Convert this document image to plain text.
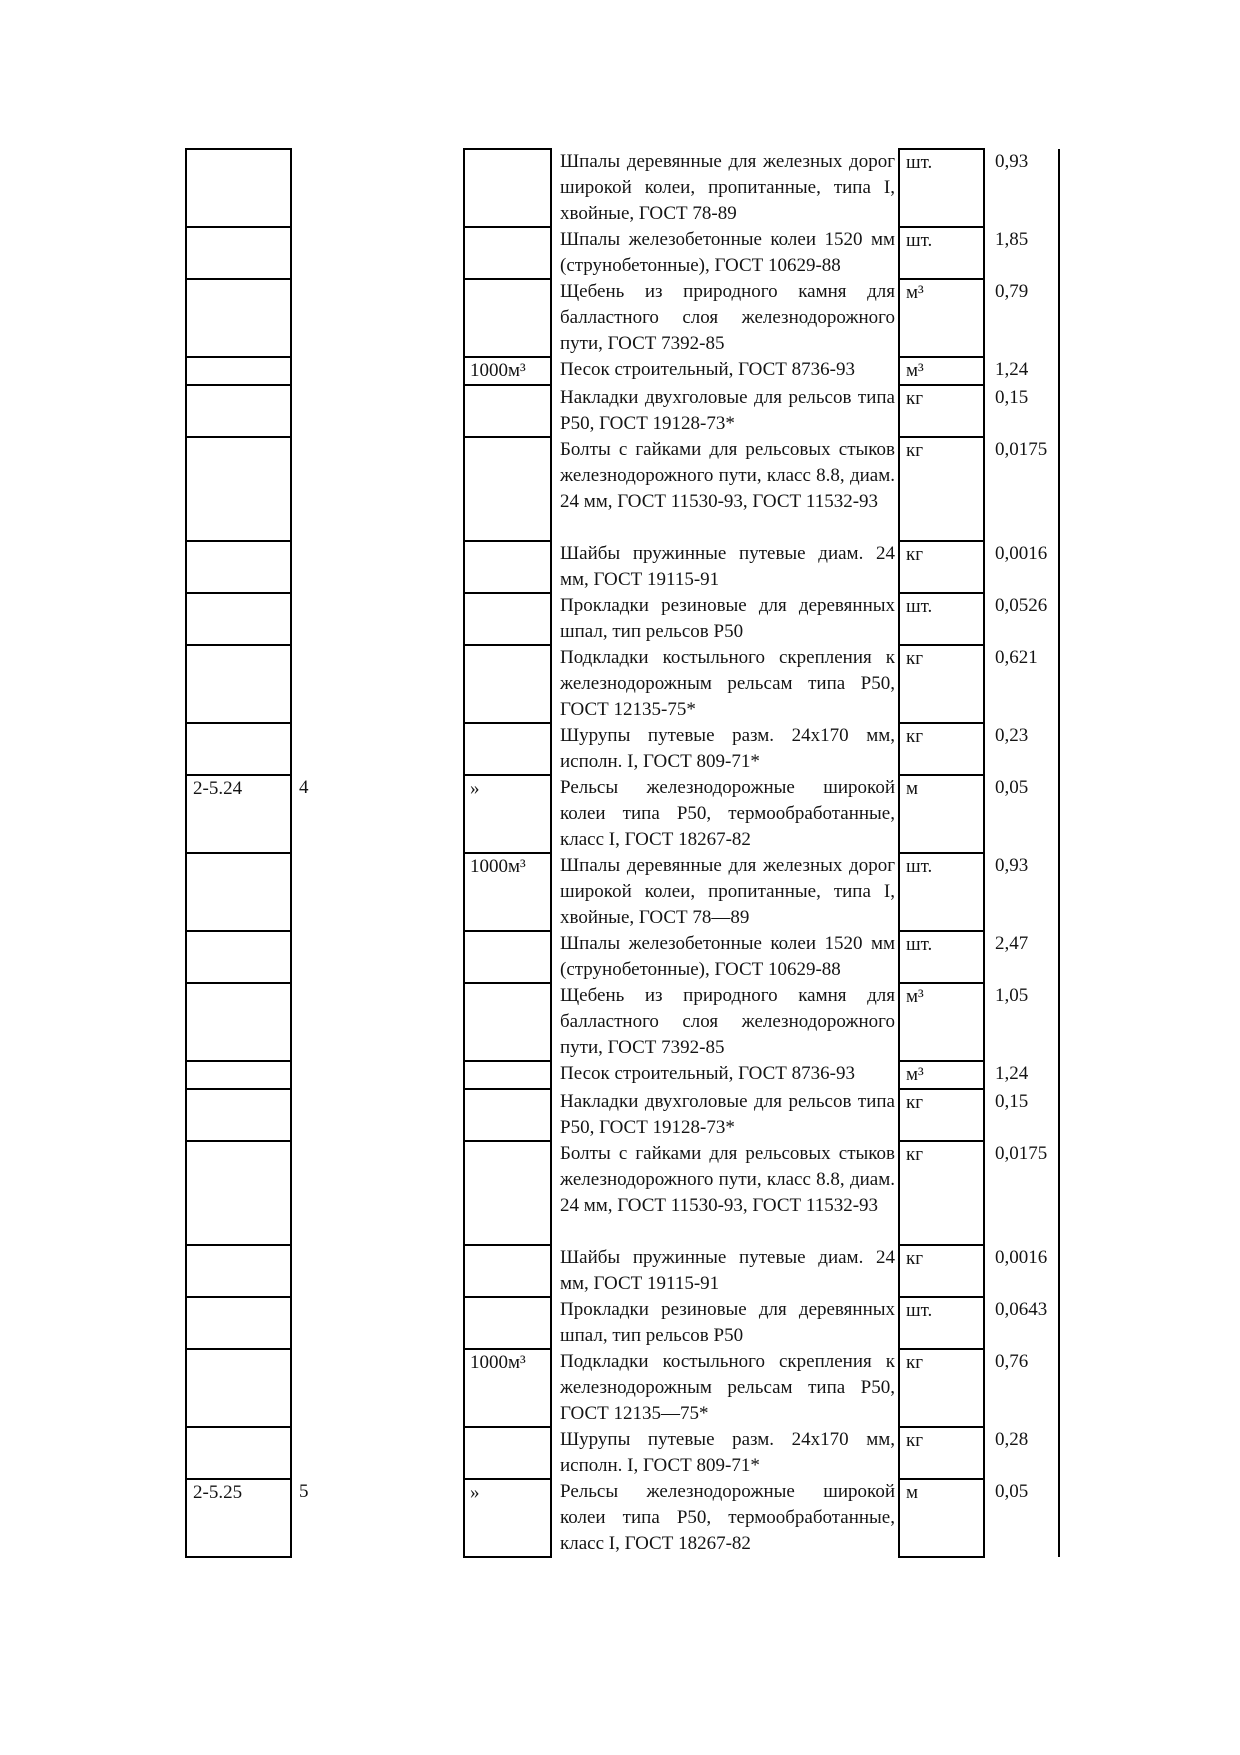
			Шпалы деревянные для железных дорог широкой колеи, пропитанные, типа I, хвойные, ГОСТ 78-89	шт.	0,93
			Шпалы железобетонные колеи 1520 мм (струнобетонные), ГОСТ 10629-88	шт.	1,85
			Щебень из природного камня для балластного слоя железнодорожного пути, ГОСТ 7392-85	м³	0,79
		1000м³	Песок строительный, ГОСТ 8736-93	м³	1,24
			Накладки двухголовые для рельсов типа Р50, ГОСТ 19128-73*	кг	0,15
			Болты с гайками для рельсовых стыков железнодорожного пути, класс 8.8, диам. 24 мм, ГОСТ 11530-93, ГОСТ 11532-93	кг	0,0175
			Шайбы пружинные путевые диам. 24 мм, ГОСТ 19115-91	кг	0,0016
			Прокладки резиновые для деревянных шпал, тип рельсов Р50	шт.	0,0526
			Подкладки костыльного скрепления к железнодорожным рельсам типа Р50, ГОСТ 12135-75*	кг	0,621
			Шурупы путевые разм. 24х170 мм, исполн. I, ГОСТ 809-71*	кг	0,23
2-5.24	4	»	Рельсы железнодорожные широкой колеи типа Р50, термообработанные, класс I, ГОСТ 18267-82	м	0,05
		1000м³	Шпалы деревянные для железных дорог широкой колеи, пропитанные, типа I, хвойные, ГОСТ 78—89	шт.	0,93
			Шпалы железобетонные колеи 1520 мм (струнобетонные), ГОСТ 10629-88	шт.	2,47
			Щебень из природного камня для балластного слоя железнодорожного пути, ГОСТ 7392-85	м³	1,05
			Песок строительный, ГОСТ 8736-93	м³	1,24
			Накладки двухголовые для рельсов типа Р50, ГОСТ 19128-73*	кг	0,15
			Болты с гайками для рельсовых стыков железнодорожного пути, класс 8.8, диам. 24 мм, ГОСТ 11530-93, ГОСТ 11532-93	кг	0,0175
			Шайбы пружинные путевые диам. 24 мм, ГОСТ 19115-91	кг	0,0016
			Прокладки резиновые для деревянных шпал, тип рельсов Р50	шт.	0,0643
		1000м³	Подкладки костыльного скрепления к железнодорожным рельсам типа Р50, ГОСТ 12135—75*	кг	0,76
			Шурупы путевые разм. 24х170 мм, исполн. I, ГОСТ 809-71*	кг	0,28
2-5.25	5	»	Рельсы железнодорожные широкой колеи типа Р50, термообработанные, класс I, ГОСТ 18267-82	м	0,05
